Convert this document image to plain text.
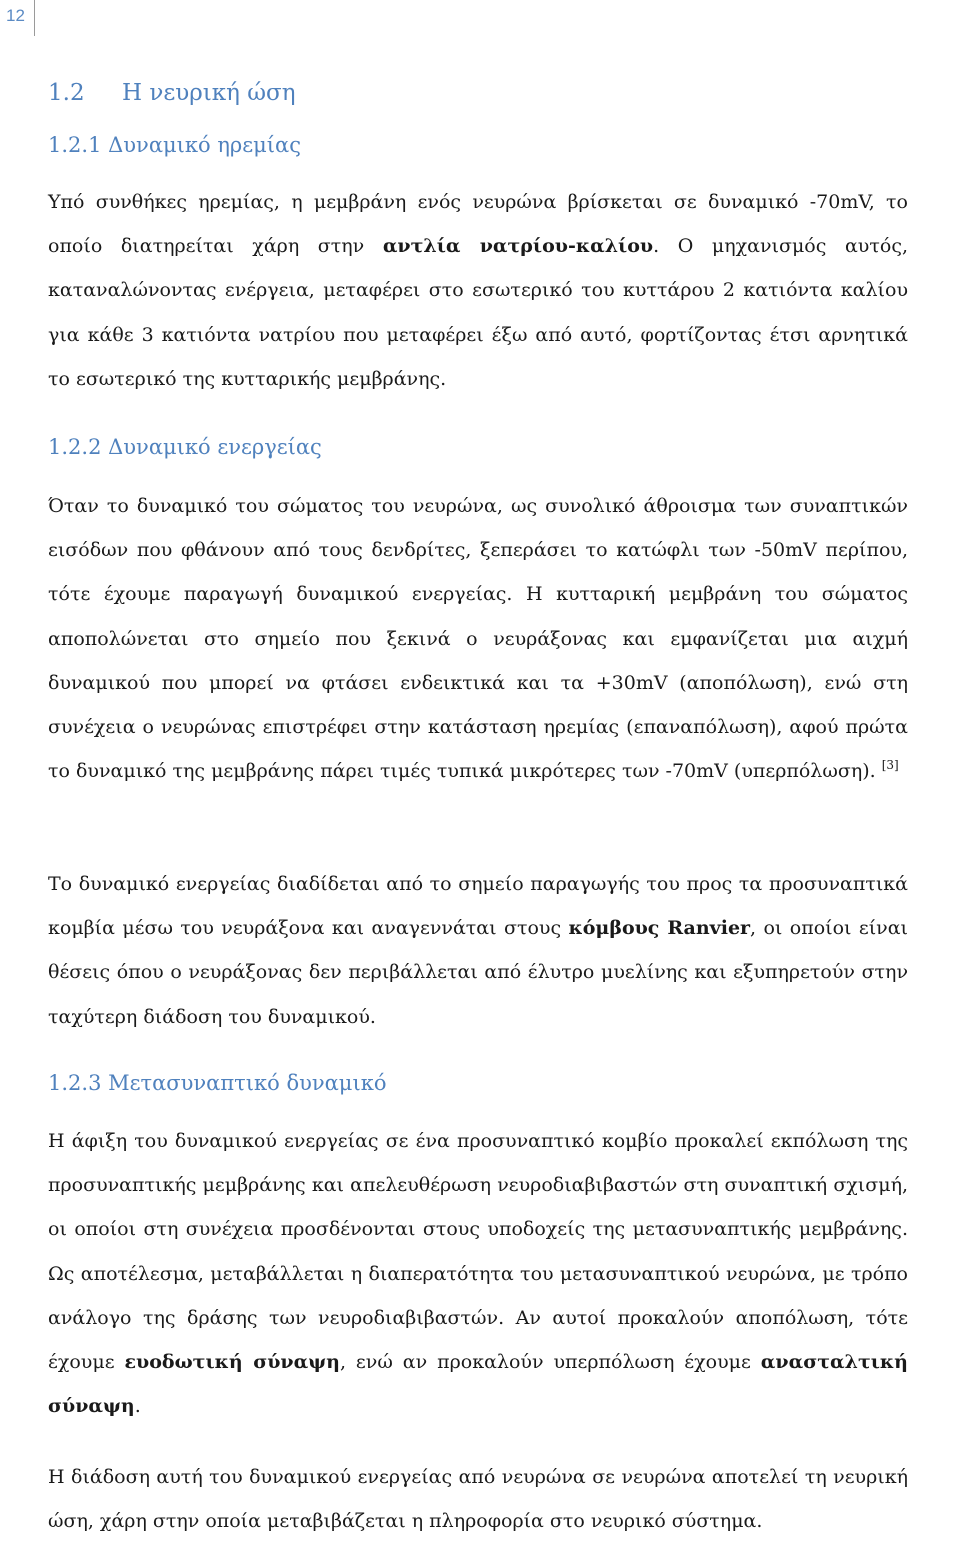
12
1.2 Η νευρική ώση
1.2.1 Δυναμικό ηρεμίας

Υπό συνθήκες ηρεμίας, η μεμβράνη ενός νευρώνα βρίσκεται σε δυναμικό -70mV, το οποίο διατηρείται χάρη στην αντλία νατρίου-καλίου. Ο μηχανισμός αυτός, καταναλώνοντας ενέργεια, μεταφέρει στο εσωτερικό του κυττάρου 2 κατιόντα καλίου για κάθε 3 κατιόντα νατρίου που μεταφέρει έξω από αυτό, φορτίζοντας έτσι αρνητικά το εσωτερικό της κυτταρικής μεμβράνης.

1.2.2 Δυναμικό ενεργείας

Όταν το δυναμικό του σώματος του νευρώνα, ως συνολικό άθροισμα των συναπτικών εισόδων που φθάνουν από τους δενδρίτες, ξεπεράσει το κατώφλι των -50mV περίπου, τότε έχουμε παραγωγή δυναμικού ενεργείας. Η κυτταρική μεμβράνη του σώματος αποπολώνεται στο σημείο που ξεκινά ο νευράξονας και εμφανίζεται μια αιχμή δυναμικού που μπορεί να φτάσει ενδεικτικά και τα +30mV (αποπόλωση), ενώ στη συνέχεια ο νευρώνας επιστρέφει στην κατάσταση ηρεμίας (επαναπόλωση), αφού πρώτα το δυναμικό της μεμβράνης πάρει τιμές τυπικά μικρότερες των -70mV (υπερπόλωση). [3]

Το δυναμικό ενεργείας διαδίδεται από το σημείο παραγωγής του προς τα προσυναπτικά κομβία μέσω του νευράξονα και αναγεννάται στους κόμβους Ranvier, οι οποίοι είναι θέσεις όπου ο νευράξονας δεν περιβάλλεται από έλυτρο μυελίνης και εξυπηρετούν στην ταχύτερη διάδοση του δυναμικού.

1.2.3 Μετασυναπτικό δυναμικό

Η άφιξη του δυναμικού ενεργείας σε ένα προσυναπτικό κομβίο προκαλεί εκπόλωση της προσυναπτικής μεμβράνης και απελευθέρωση νευροδιαβιβαστών στη συναπτική σχισμή, οι οποίοι στη συνέχεια προσδένονται στους υποδοχείς της μετασυναπτικής μεμβράνης. Ως αποτέλεσμα, μεταβάλλεται η διαπερατότητα του μετασυναπτικού νευρώνα, με τρόπο ανάλογο της δράσης των νευροδιαβιβαστών. Αν αυτοί προκαλούν αποπόλωση, τότε έχουμε ευοδωτική σύναψη, ενώ αν προκαλούν υπερπόλωση έχουμε ανασταλτική σύναψη.

Η διάδοση αυτή του δυναμικού ενεργείας από νευρώνα σε νευρώνα αποτελεί τη νευρική ώση, χάρη στην οποία μεταβιβάζεται η πληροφορία στο νευρικό σύστημα.
